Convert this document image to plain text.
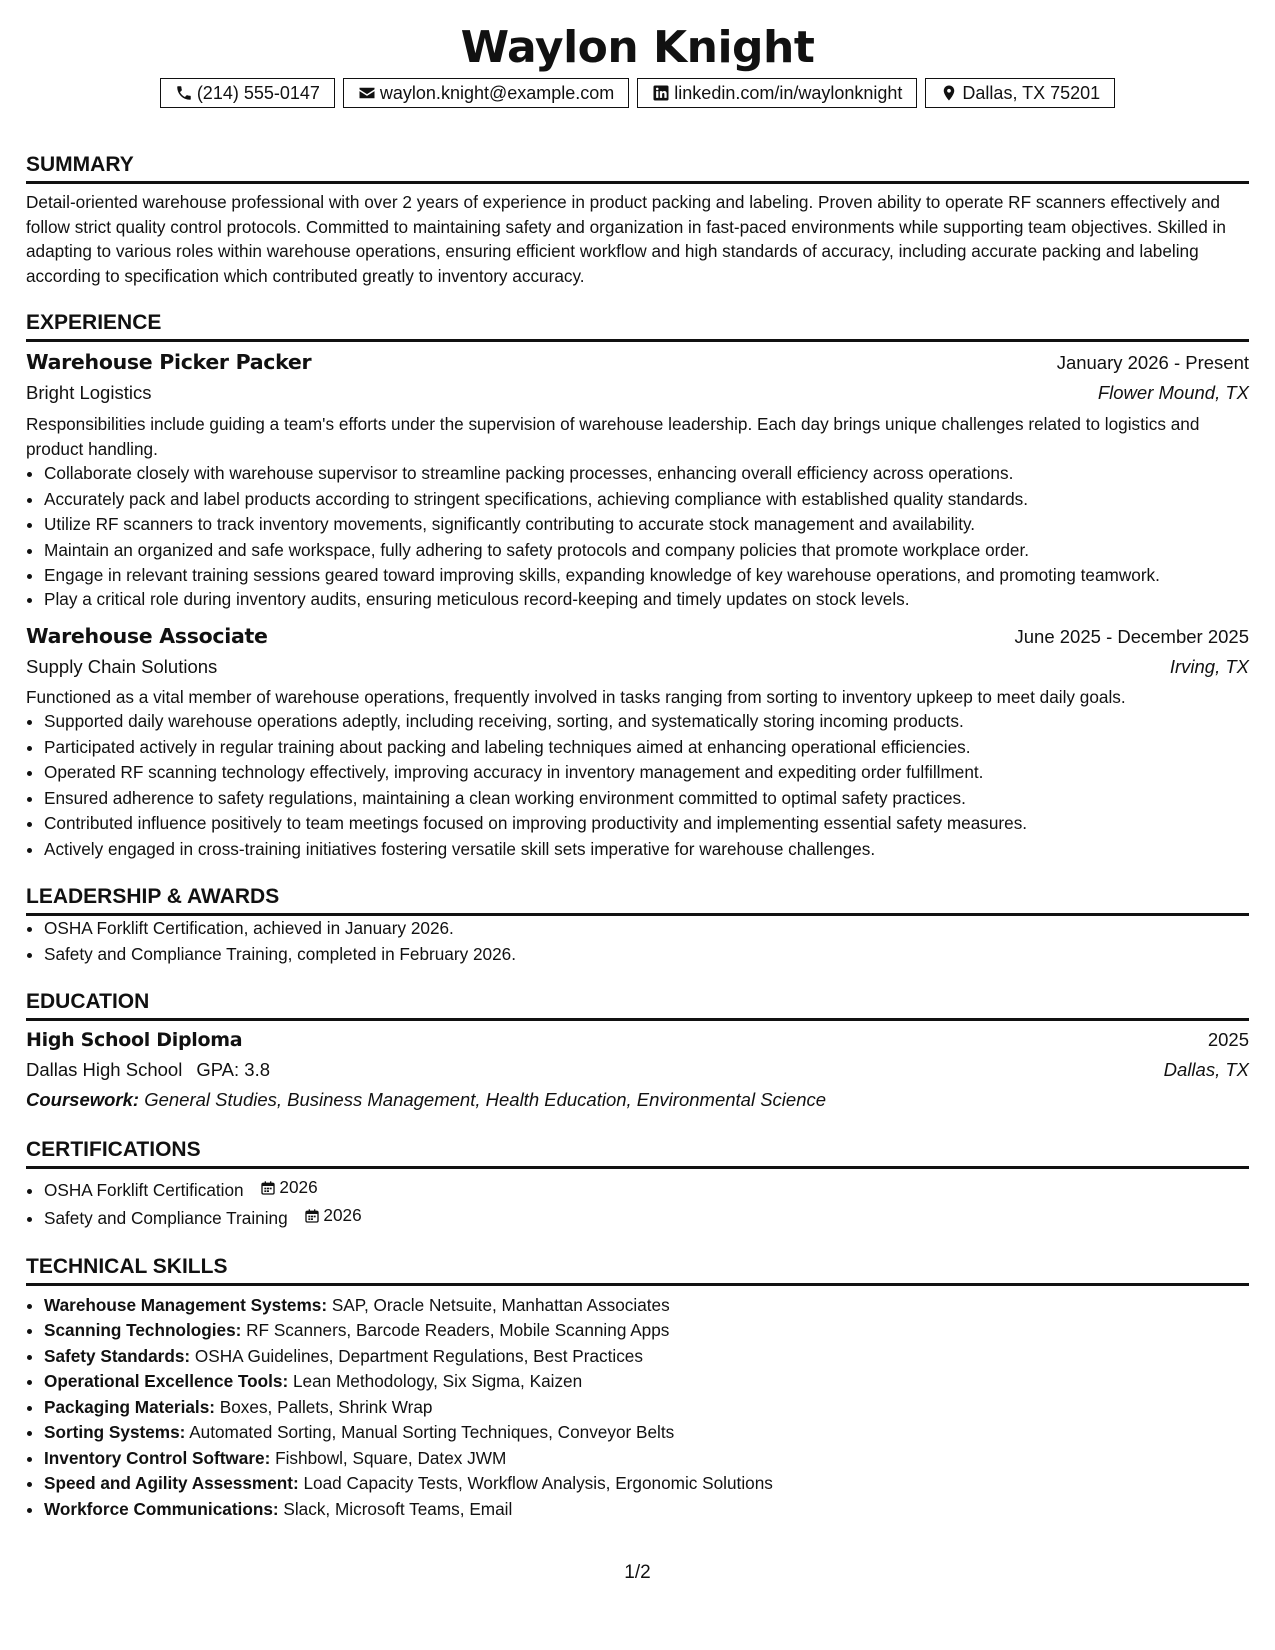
Waylon Knight
(214) 555-0147	waylon.knight@example.com	linkedin.com/in/waylonknight	Dallas, TX 75201
SUMMARY
Detail-oriented warehouse professional with over 2 years of experience in product packing and labeling. Proven ability to operate RF scanners effectively and follow strict quality control protocols. Committed to maintaining safety and organization in fast-paced environments while supporting team objectives. Skilled in adapting to various roles within warehouse operations, ensuring efficient workflow and high standards of accuracy, including accurate packing and labeling according to specification which contributed greatly to inventory accuracy.
EXPERIENCE
Warehouse Picker Packer	January 2026 - Present
Bright Logistics	Flower Mound, TX
Responsibilities include guiding a team's efforts under the supervision of warehouse leadership. Each day brings unique challenges related to logistics and product handling.
• Collaborate closely with warehouse supervisor to streamline packing processes, enhancing overall efficiency across operations.
• Accurately pack and label products according to stringent specifications, achieving compliance with established quality standards.
• Utilize RF scanners to track inventory movements, significantly contributing to accurate stock management and availability.
• Maintain an organized and safe workspace, fully adhering to safety protocols and company policies that promote workplace order.
• Engage in relevant training sessions geared toward improving skills, expanding knowledge of key warehouse operations, and promoting teamwork.
• Play a critical role during inventory audits, ensuring meticulous record-keeping and timely updates on stock levels.
Warehouse Associate	June 2025 - December 2025
Supply Chain Solutions	Irving, TX
Functioned as a vital member of warehouse operations, frequently involved in tasks ranging from sorting to inventory upkeep to meet daily goals.
• Supported daily warehouse operations adeptly, including receiving, sorting, and systematically storing incoming products.
• Participated actively in regular training about packing and labeling techniques aimed at enhancing operational efficiencies.
• Operated RF scanning technology effectively, improving accuracy in inventory management and expediting order fulfillment.
• Ensured adherence to safety regulations, maintaining a clean working environment committed to optimal safety practices.
• Contributed influence positively to team meetings focused on improving productivity and implementing essential safety measures.
• Actively engaged in cross-training initiatives fostering versatile skill sets imperative for warehouse challenges.
LEADERSHIP & AWARDS
• OSHA Forklift Certification, achieved in January 2026.
• Safety and Compliance Training, completed in February 2026.
EDUCATION
High School Diploma	2025
Dallas High School GPA: 3.8	Dallas, TX
Coursework: General Studies, Business Management, Health Education, Environmental Science
CERTIFICATIONS
• OSHA Forklift Certification 2026
• Safety and Compliance Training 2026
TECHNICAL SKILLS
• Warehouse Management Systems: SAP, Oracle Netsuite, Manhattan Associates
• Scanning Technologies: RF Scanners, Barcode Readers, Mobile Scanning Apps
• Safety Standards: OSHA Guidelines, Department Regulations, Best Practices
• Operational Excellence Tools: Lean Methodology, Six Sigma, Kaizen
• Packaging Materials: Boxes, Pallets, Shrink Wrap
• Sorting Systems: Automated Sorting, Manual Sorting Techniques, Conveyor Belts
• Inventory Control Software: Fishbowl, Square, Datex JWM
• Speed and Agility Assessment: Load Capacity Tests, Workflow Analysis, Ergonomic Solutions
• Workforce Communications: Slack, Microsoft Teams, Email
1/2
